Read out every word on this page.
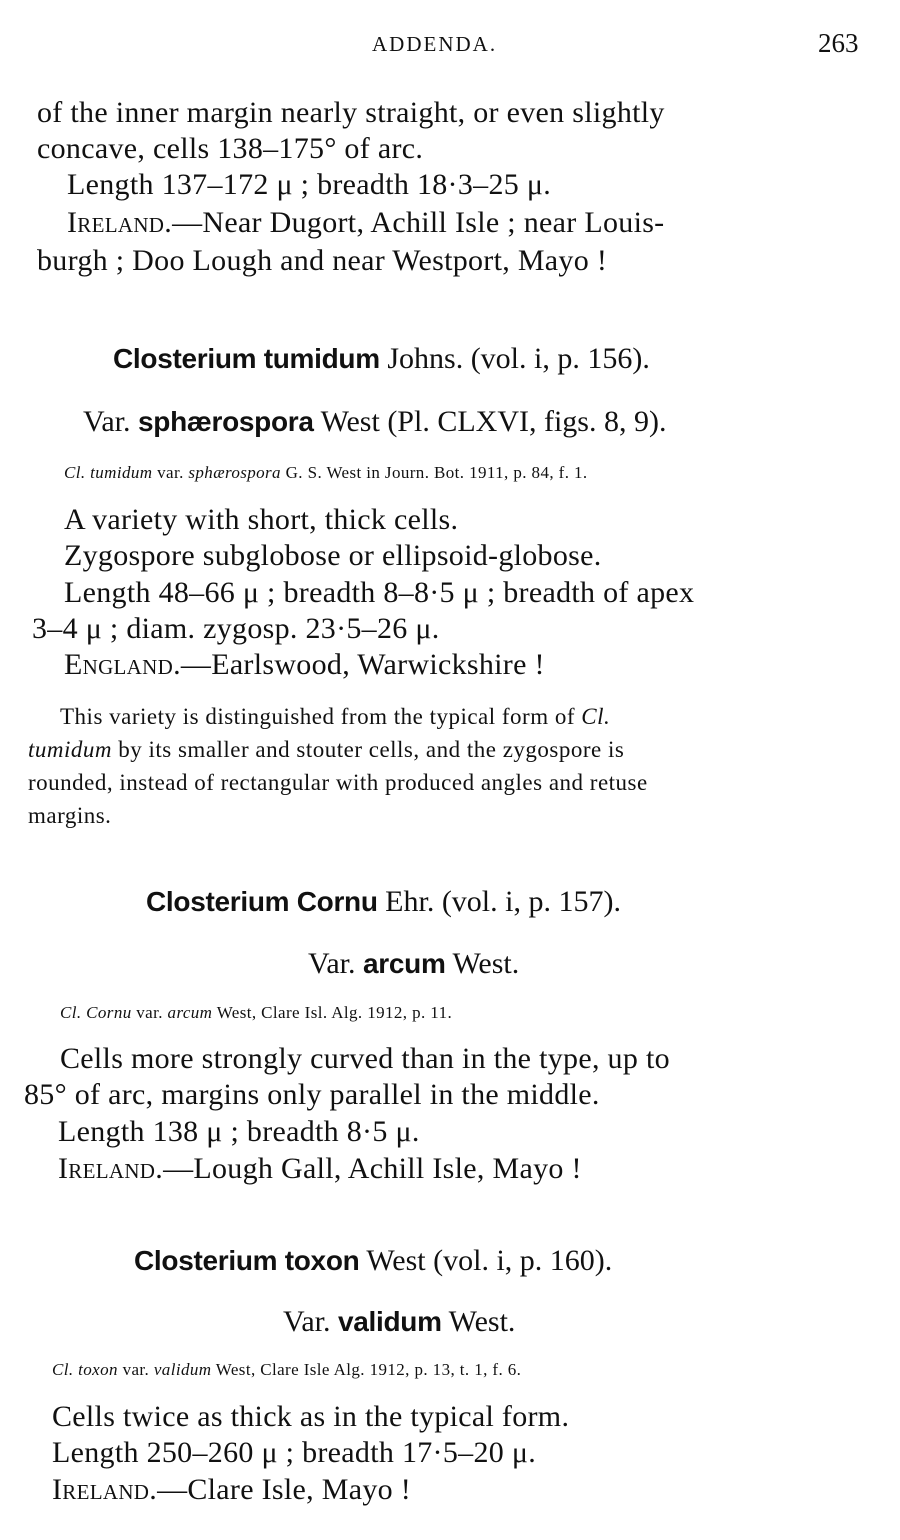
ADDENDA.	263
of the inner margin nearly straight, or even slightly
concave, cells 138–175° of arc.
Length 137–172 μ ; breadth 18·3–25 μ.
Ireland.—Near Dugort, Achill Isle ; near Louis-
burgh ; Doo Lough and near Westport, Mayo !
Closterium tumidum Johns. (vol. i, p. 156).
Var. sphærospora West (Pl. CLXVI, figs. 8, 9).
Cl. tumidum var. sphærospora G. S. West in Journ. Bot. 1911, p. 84, f. 1.
A variety with short, thick cells.
Zygospore subglobose or ellipsoid-globose.
Length 48–66 μ ; breadth 8–8·5 μ ; breadth of apex
3–4 μ ; diam. zygosp. 23·5–26 μ.
England.—Earlswood, Warwickshire !
This variety is distinguished from the typical form of Cl.
tumidum by its smaller and stouter cells, and the zygospore is
rounded, instead of rectangular with produced angles and retuse
margins.
Closterium Cornu Ehr. (vol. i, p. 157).
Var. arcum West.
Cl. Cornu var. arcum West, Clare Isl. Alg. 1912, p. 11.
Cells more strongly curved than in the type, up to
85° of arc, margins only parallel in the middle.
Length 138 μ ; breadth 8·5 μ.
Ireland.—Lough Gall, Achill Isle, Mayo !
Closterium toxon West (vol. i, p. 160).
Var. validum West.
Cl. toxon var. validum West, Clare Isle Alg. 1912, p. 13, t. 1, f. 6.
Cells twice as thick as in the typical form.
Length 250–260 μ ; breadth 17·5–20 μ.
Ireland.—Clare Isle, Mayo !
